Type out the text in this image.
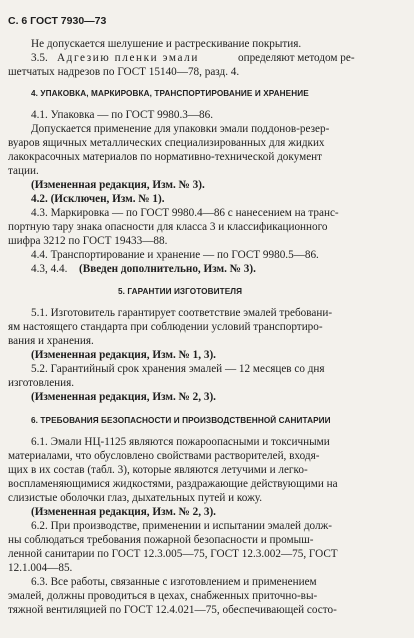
С. 6 ГОСТ 7930—73
Не допускается шелушение и растрескивание покрытия.
3.5. Адгезию пленки эмали	определяют методом ре-
шетчатых надрезов по ГОСТ 15140—78, разд. 4.
4. УПАКОВКА, МАРКИРОВКА, ТРАНСПОРТИРОВАНИЕ И ХРАНЕНИЕ
4.1. Упаковка — по ГОСТ 9980.3—86.
Допускается применение для упаковки эмали поддонов-резер-
вуаров ящичных металлических специализированных для жидких
лакокрасочных материалов по нормативно-технической документ
тации.
(Измененная редакция, Изм. № 3).
4.2. (Исключен, Изм. № 1).
4.3. Маркировка — по ГОСТ 9980.4—86 с нанесением на транс-
портную тару знака опасности для класса 3 и классификационного
шифра 3212 по ГОСТ 19433—88.
4.4. Транспортирование и хранение — по ГОСТ 9980.5—86.
4.3, 4.4. (Введен дополнительно, Изм. № 3).
5. ГАРАНТИИ ИЗГОТОВИТЕЛЯ
5.1. Изготовитель гарантирует соответствие эмалей требовани-
ям настоящего стандарта при соблюдении условий транспортиро-
вания и хранения.
(Измененная редакция, Изм. № 1, 3).
5.2. Гарантийный срок хранения эмалей — 12 месяцев со дня
изготовления.
(Измененная редакция, Изм. № 2, 3).
6. ТРЕБОВАНИЯ БЕЗОПАСНОСТИ И ПРОИЗВОДСТВЕННОЙ САНИТАРИИ
6.1. Эмали НЦ-1125 являются пожароопасными и токсичными
материалами, что обусловлено свойствами растворителей, входя-
щих в их состав (табл. 3), которые являются летучими и легко-
воспламеняющимися жидкостями, раздражающие действующими на
слизистые оболочки глаз, дыхательных путей и кожу.
(Измененная редакция, Изм. № 2, 3).
6.2. При производстве, применении и испытании эмалей долж-
ны соблюдаться требования пожарной безопасности и промыш-
ленной санитарии по ГОСТ 12.3.005—75, ГОСТ 12.3.002—75, ГОСТ
12.1.004—85.
6.3. Все работы, связанные с изготовлением и применением
эмалей, должны проводиться в цехах, снабженных приточно-вы-
тяжной вентиляцией по ГОСТ 12.4.021—75, обеспечивающей состо-
